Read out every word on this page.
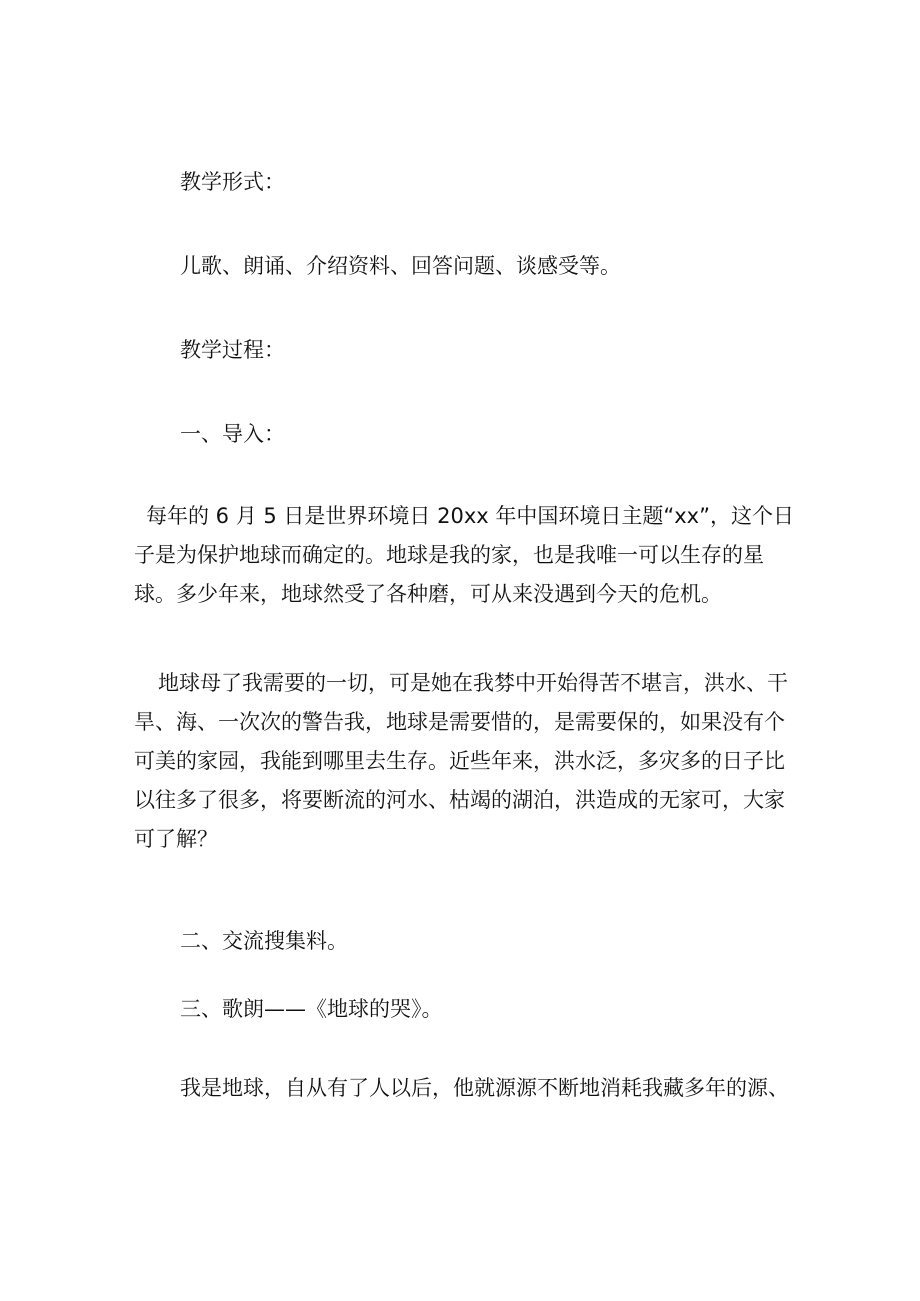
教学形式：
儿歌、朗诵、介绍资料、回答问题、谈感受等。
教学过程：
一、导入：
每年的 6 月 5 日是世界环境日 20xx 年中国环境日主题“xx”，这个日子是为保护地球而确定的。地球是我的家，也是我唯一可以生存的星球。多少年来，地球然受了各种磨，可从来没遇到今天的危机。
地球母了我需要的一切，可是她在我棼中开始得苦不堪言，洪水、干旱、海、一次次的警告我，地球是需要惜的，是需要保的，如果没有个可美的家园，我能到哪里去生存。近些年来，洪水泛，多灾多的日子比以往多了很多，将要断流的河水、枯竭的湖泊，洪造成的无家可，大家可了解？
二、交流搜集料。
三、歌朗——《地球的哭》。
我是地球，自从有了人以后，他就源源不断地消耗我藏多年的源、
